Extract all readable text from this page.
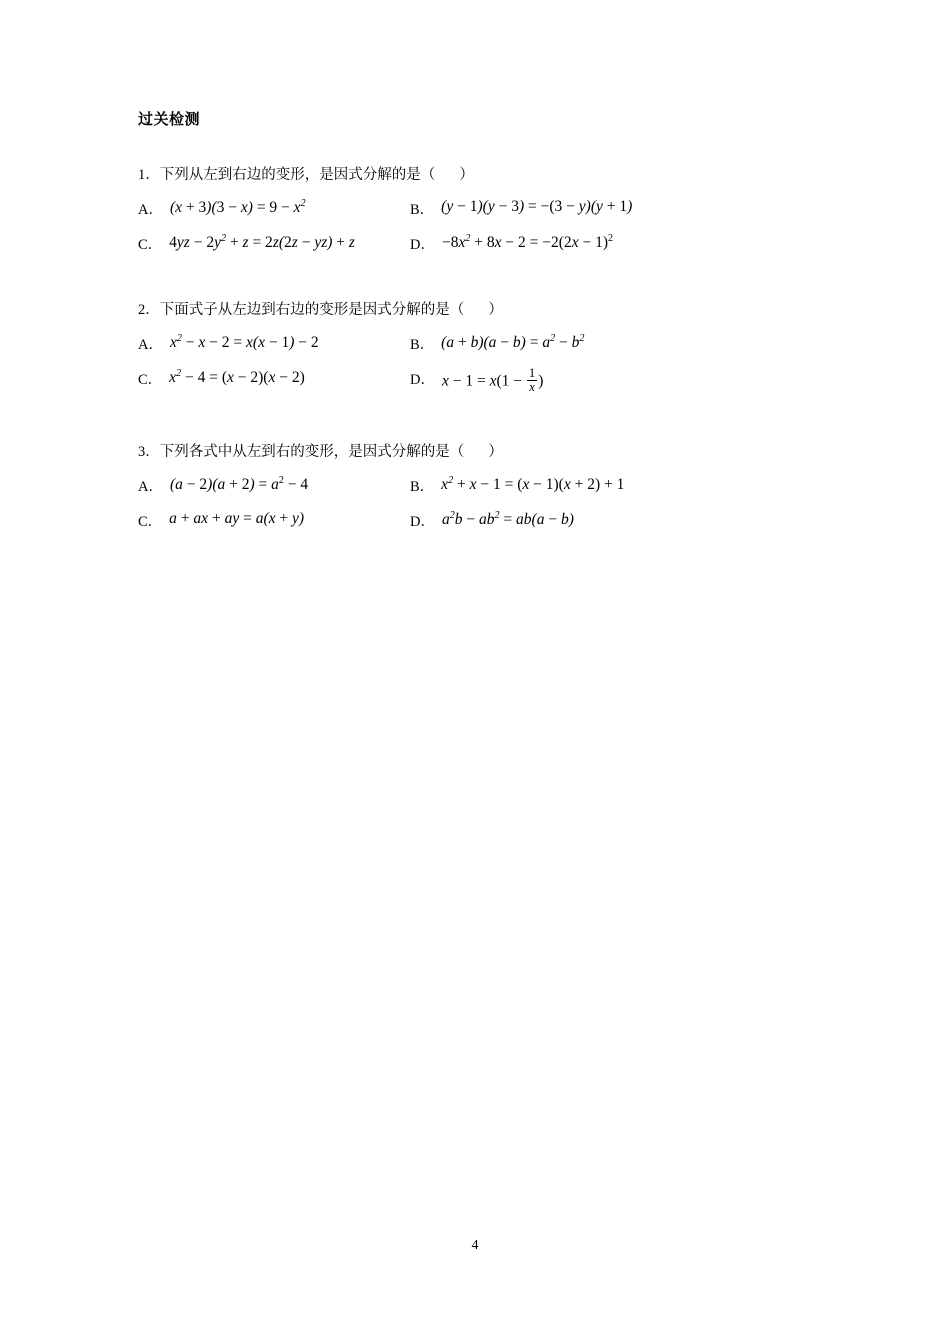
过关检测
1．下列从左到右边的变形，是因式分解的是（      ）
A． $(x + 3)(3 - x) = 9 - x^2$	B． (y − 1)(y − 3) = −(3 − y)(y + 1)
C． $4yz - 2y^2 + z = 2z(2z - yz) + z$	D． $-8x^2 + 8x - 2 = -2(2x - 1)^2$
2．下面式子从左边到右边的变形是因式分解的是（      ）
A． $x^2 - x - 2 = x(x - 1) - 2$	B． $(a + b)(a - b) = a^2 - b^2$
C． $x^2 - 4 = (x - 2)(x - 2)$	D． $x - 1 = x(1 - \frac{1}{x}$ )
3．下列各式中从左到右的变形，是因式分解的是（      ）
A． $(a - 2)(a + 2) = a^2 - 4$	B． $x^2 + x - 1 = (x - 1)(x + 2) + 1$
C． a + ax + ay = a(x + y)	D． $a^2b - ab^2 = ab(a - b)$
4
